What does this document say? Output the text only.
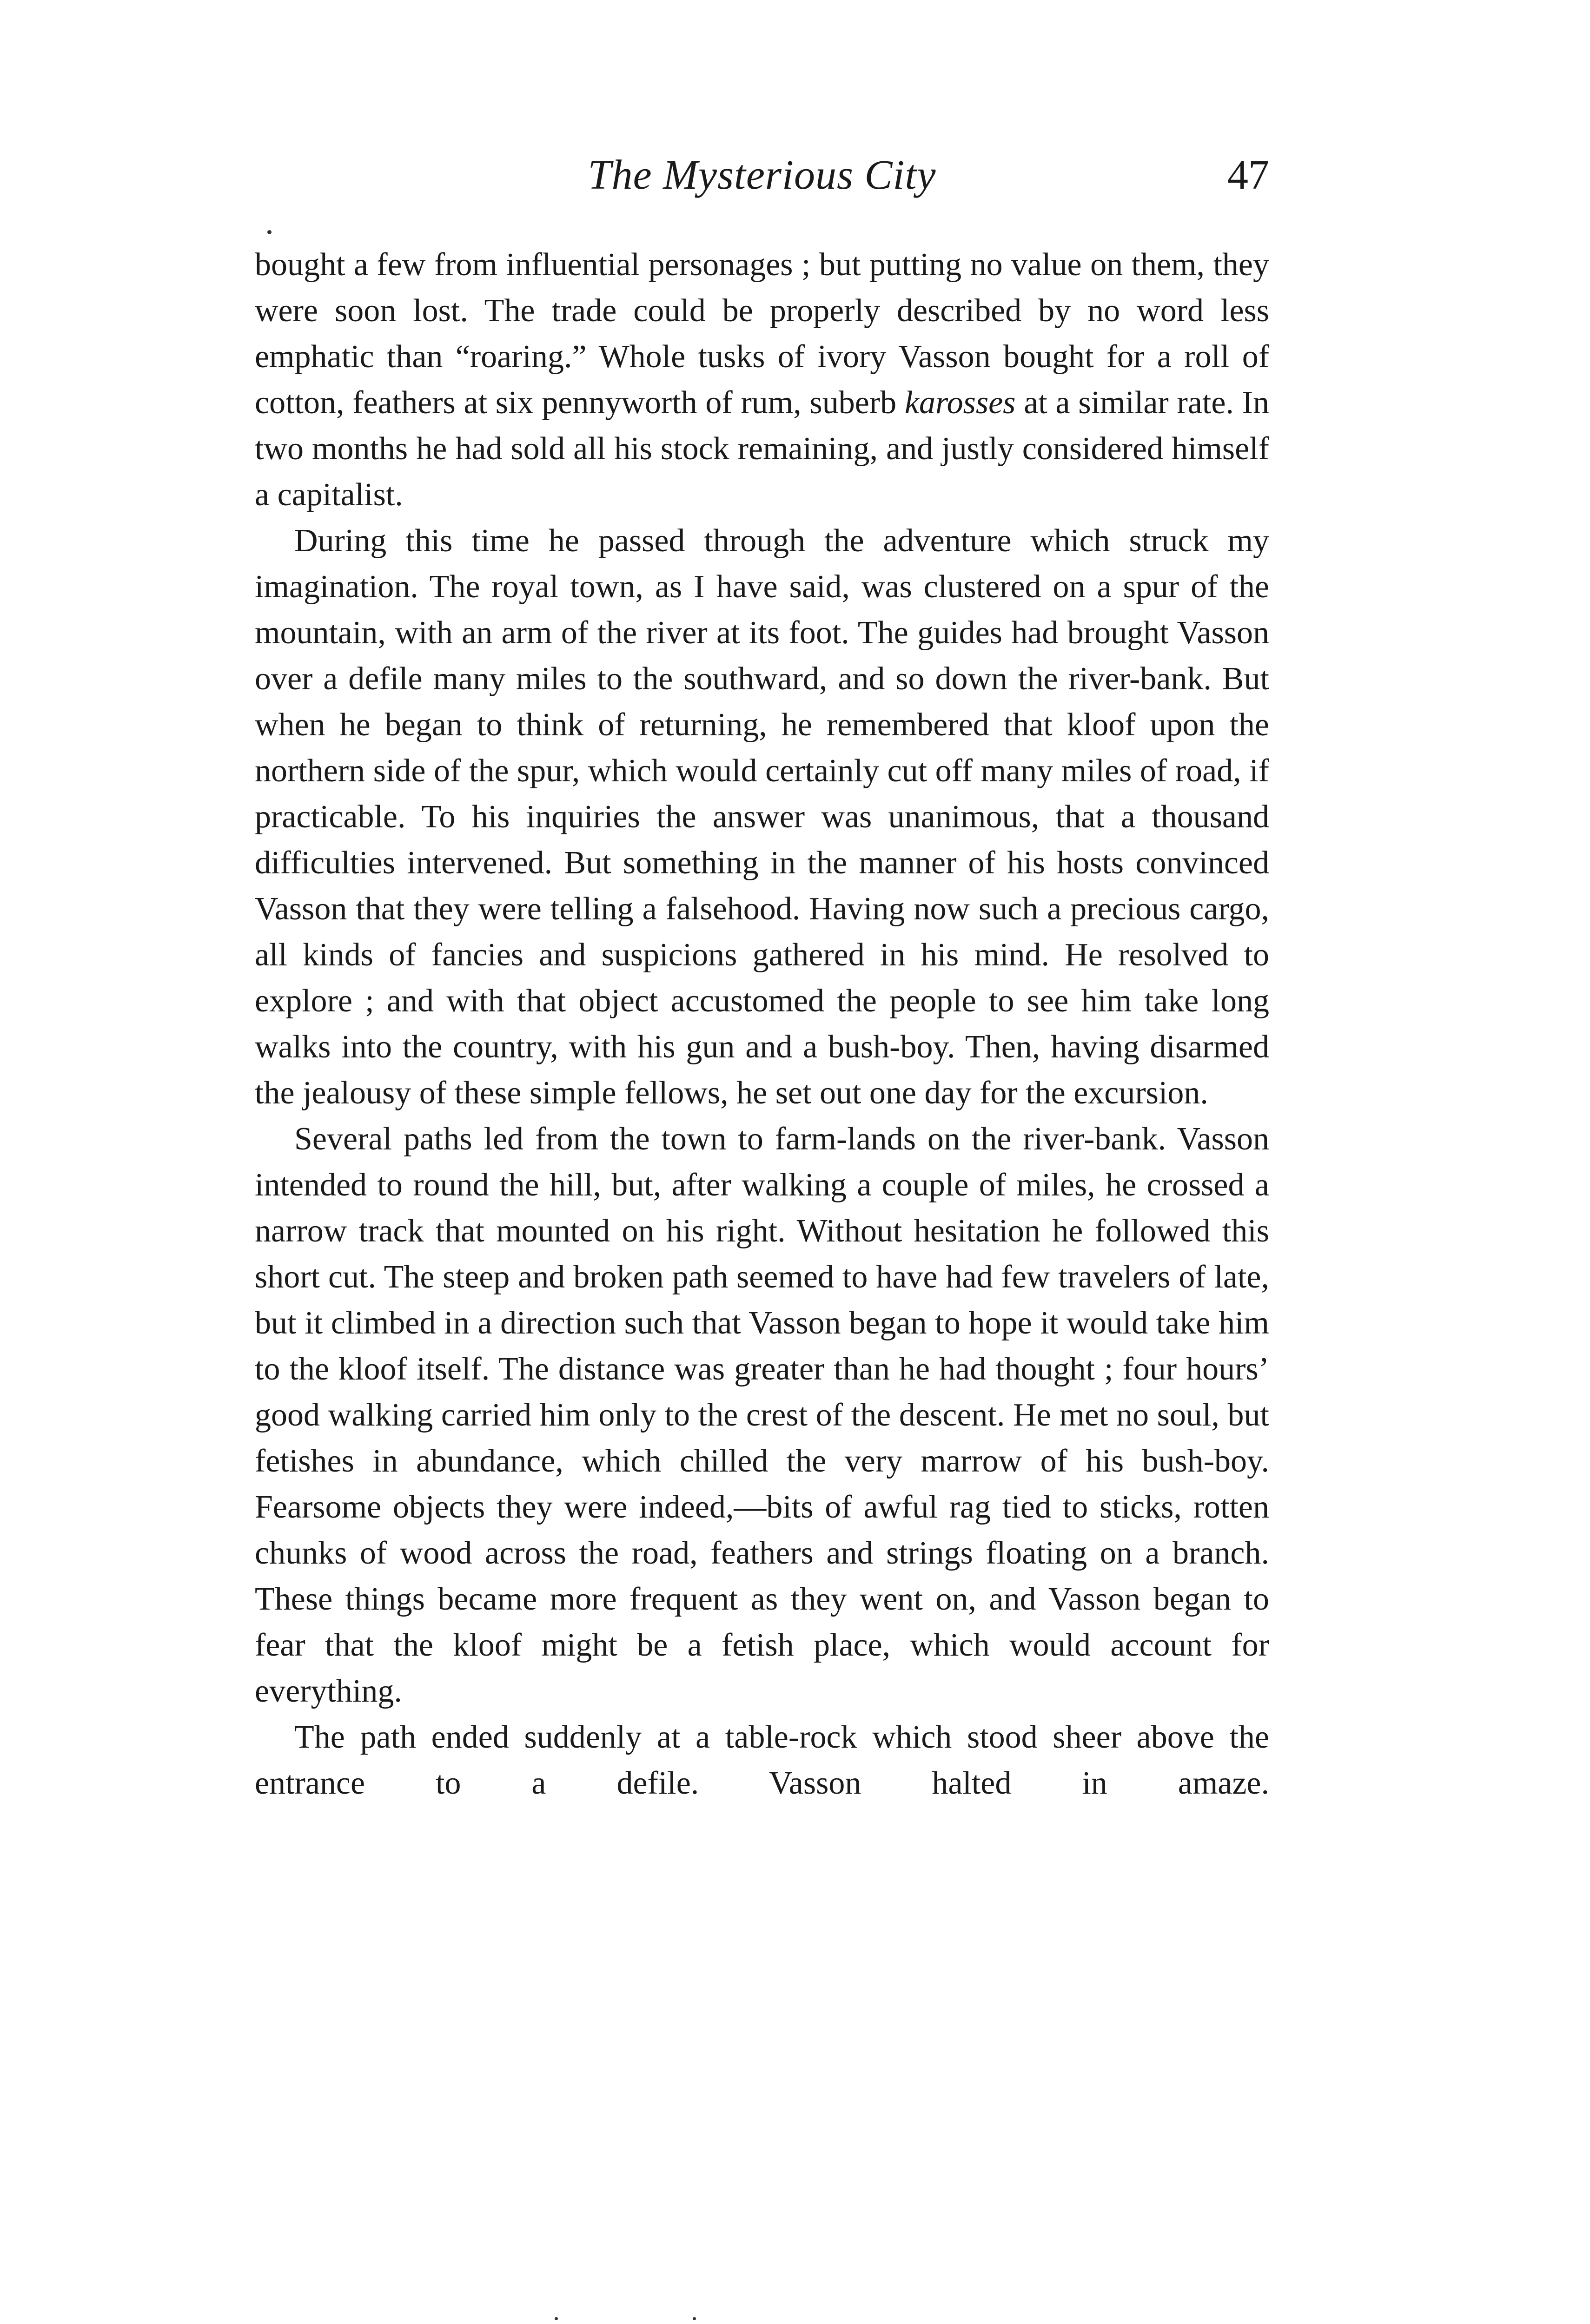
The Mysterious City	47

bought a few from influential personages ; but putting no value on them, they were soon lost. The trade could be properly described by no word less emphatic than “roaring.” Whole tusks of ivory Vasson bought for a roll of cotton, feathers at six pennyworth of rum, suberb karosses at a similar rate. In two months he had sold all his stock remaining, and justly considered himself a capitalist.

During this time he passed through the adventure which struck my imagination. The royal town, as I have said, was clustered on a spur of the mountain, with an arm of the river at its foot. The guides had brought Vasson over a defile many miles to the southward, and so down the river-bank. But when he began to think of returning, he remembered that kloof upon the northern side of the spur, which would certainly cut off many miles of road, if practicable. To his inquiries the answer was unanimous, that a thousand difficulties intervened. But something in the manner of his hosts convinced Vasson that they were telling a falsehood. Having now such a precious cargo, all kinds of fancies and suspicions gathered in his mind. He resolved to explore ; and with that object accustomed the people to see him take long walks into the country, with his gun and a bush-boy. Then, having disarmed the jealousy of these simple fellows, he set out one day for the excursion.

Several paths led from the town to farm-lands on the river-bank. Vasson intended to round the hill, but, after walking a couple of miles, he crossed a narrow track that mounted on his right. Without hesitation he followed this short cut. The steep and broken path seemed to have had few travelers of late, but it climbed in a direction such that Vasson began to hope it would take him to the kloof itself. The distance was greater than he had thought ; four hours’ good walking carried him only to the crest of the descent. He met no soul, but fetishes in abundance, which chilled the very marrow of his bush-boy. Fearsome objects they were indeed,—bits of awful rag tied to sticks, rotten chunks of wood across the road, feathers and strings floating on a branch. These things became more frequent as they went on, and Vasson began to fear that the kloof might be a fetish place, which would account for everything.

The path ended suddenly at a table-rock which stood sheer above the entrance to a defile. Vasson halted in amaze.
